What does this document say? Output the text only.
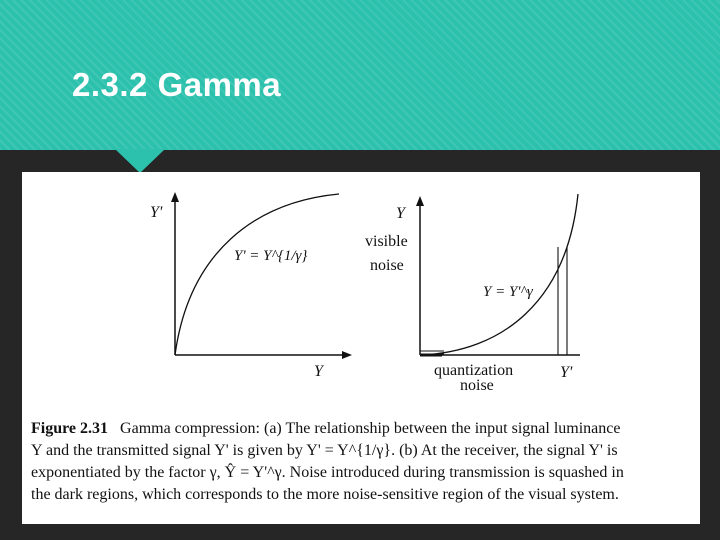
2.3.2 Gamma
Y'
Y
Y' = Y^{1/γ}
Y
Y'
visible
noise
Y = Y'^γ
quantization
noise
Figure 2.31 Gamma compression: (a) The relationship between the input signal luminance
Y and the transmitted signal Y' is given by Y' = Y^{1/γ}. (b) At the receiver, the signal Y' is
exponentiated by the factor γ, Ŷ = Y'^γ. Noise introduced during transmission is squashed in
the dark regions, which corresponds to the more noise-sensitive region of the visual system.
